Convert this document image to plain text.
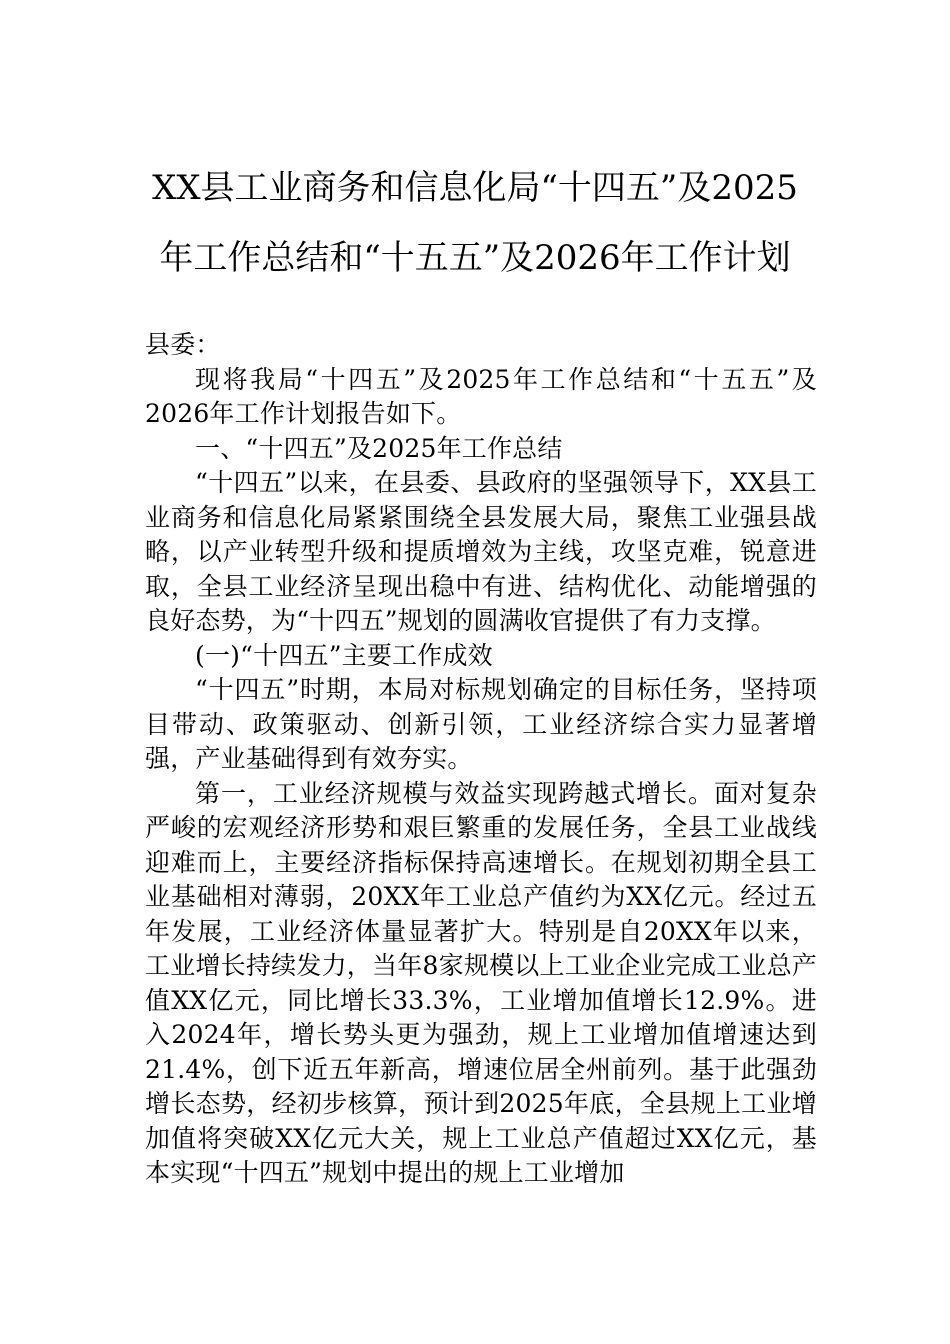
XX县工业商务和信息化局“十四五”及2025
年工作总结和“十五五”及2026年工作计划

县委：

现将我局“十四五”及2025年工作总结和“十五五”及2026年工作计划报告如下。

一、“十四五”及2025年工作总结

“十四五”以来，在县委、县政府的坚强领导下，XX县工业商务和信息化局紧紧围绕全县发展大局，聚焦工业强县战略，以产业转型升级和提质增效为主线，攻坚克难，锐意进取，全县工业经济呈现出稳中有进、结构优化、动能增强的良好态势，为“十四五”规划的圆满收官提供了有力支撑。

(一)“十四五”主要工作成效

“十四五”时期，本局对标规划确定的目标任务，坚持项目带动、政策驱动、创新引领，工业经济综合实力显著增强，产业基础得到有效夯实。

第一，工业经济规模与效益实现跨越式增长。面对复杂严峻的宏观经济形势和艰巨繁重的发展任务，全县工业战线迎难而上，主要经济指标保持高速增长。在规划初期全县工业基础相对薄弱，20XX年工业总产值约为XX亿元。经过五年发展，工业经济体量显著扩大。特别是自20XX年以来，工业增长持续发力，当年8家规模以上工业企业完成工业总产值XX亿元，同比增长33.3%，工业增加值增长12.9%。进入2024年，增长势头更为强劲，规上工业增加值增速达到21.4%，创下近五年新高，增速位居全州前列。基于此强劲增长态势，经初步核算，预计到2025年底，全县规上工业增加值将突破XX亿元大关，规上工业总产值超过XX亿元，基本实现“十四五”规划中提出的规上工业增加
